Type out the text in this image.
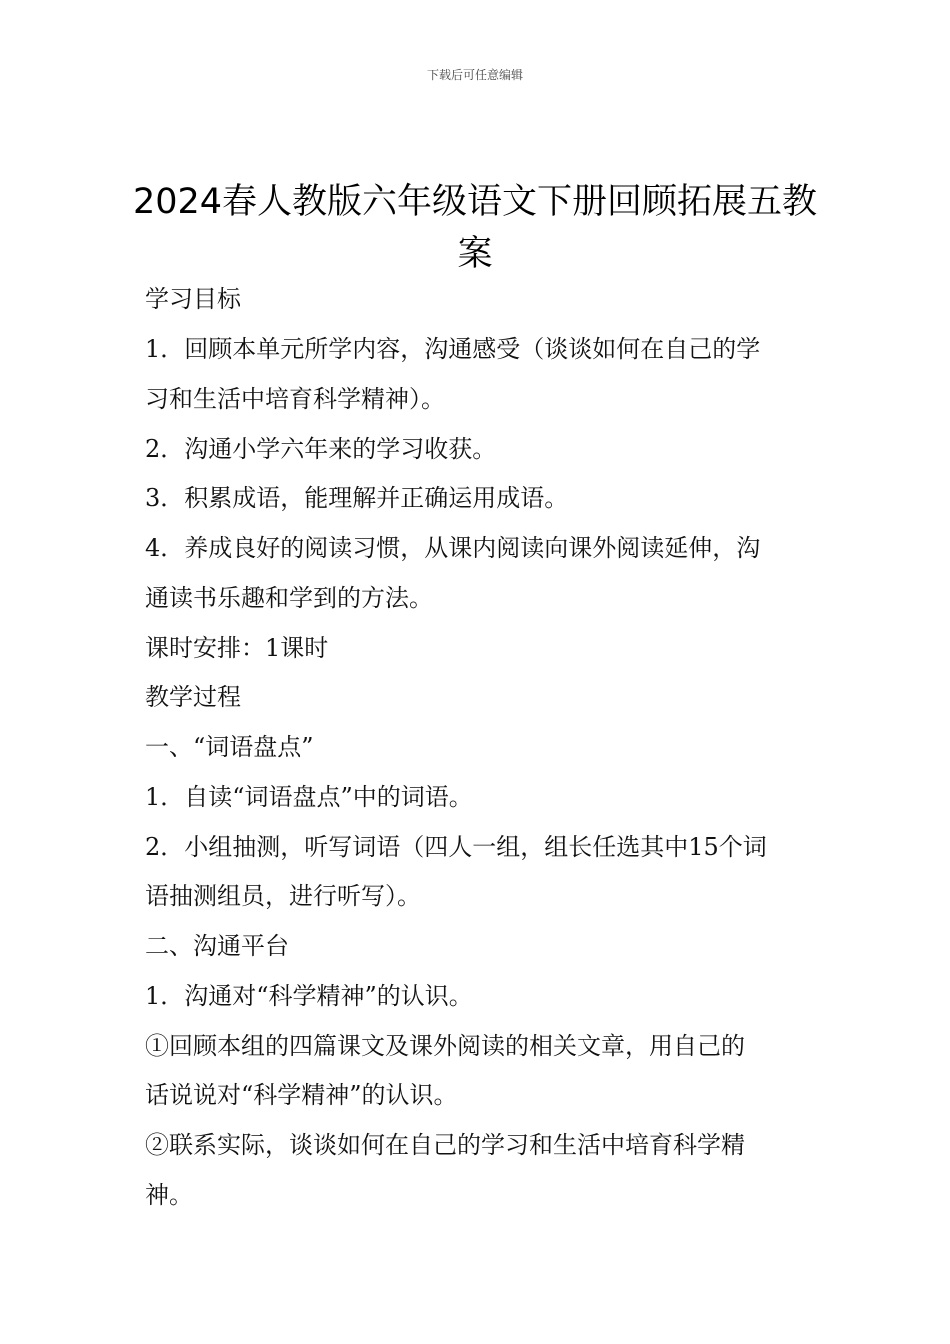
下载后可任意编辑
2024春人教版六年级语文下册回顾拓展五教案
学习目标
1．回顾本单元所学内容，沟通感受（谈谈如何在自己的学
习和生活中培育科学精神）。
2．沟通小学六年来的学习收获。
3．积累成语，能理解并正确运用成语。
4．养成良好的阅读习惯，从课内阅读向课外阅读延伸，沟
通读书乐趣和学到的方法。
课时安排：1课时
教学过程
一、“词语盘点”
1．自读“词语盘点”中的词语。
2．小组抽测，听写词语（四人一组，组长任选其中15个词
语抽测组员，进行听写）。
二、沟通平台
1．沟通对“科学精神”的认识。
①回顾本组的四篇课文及课外阅读的相关文章，用自己的
话说说对“科学精神”的认识。
②联系实际，谈谈如何在自己的学习和生活中培育科学精
神。
